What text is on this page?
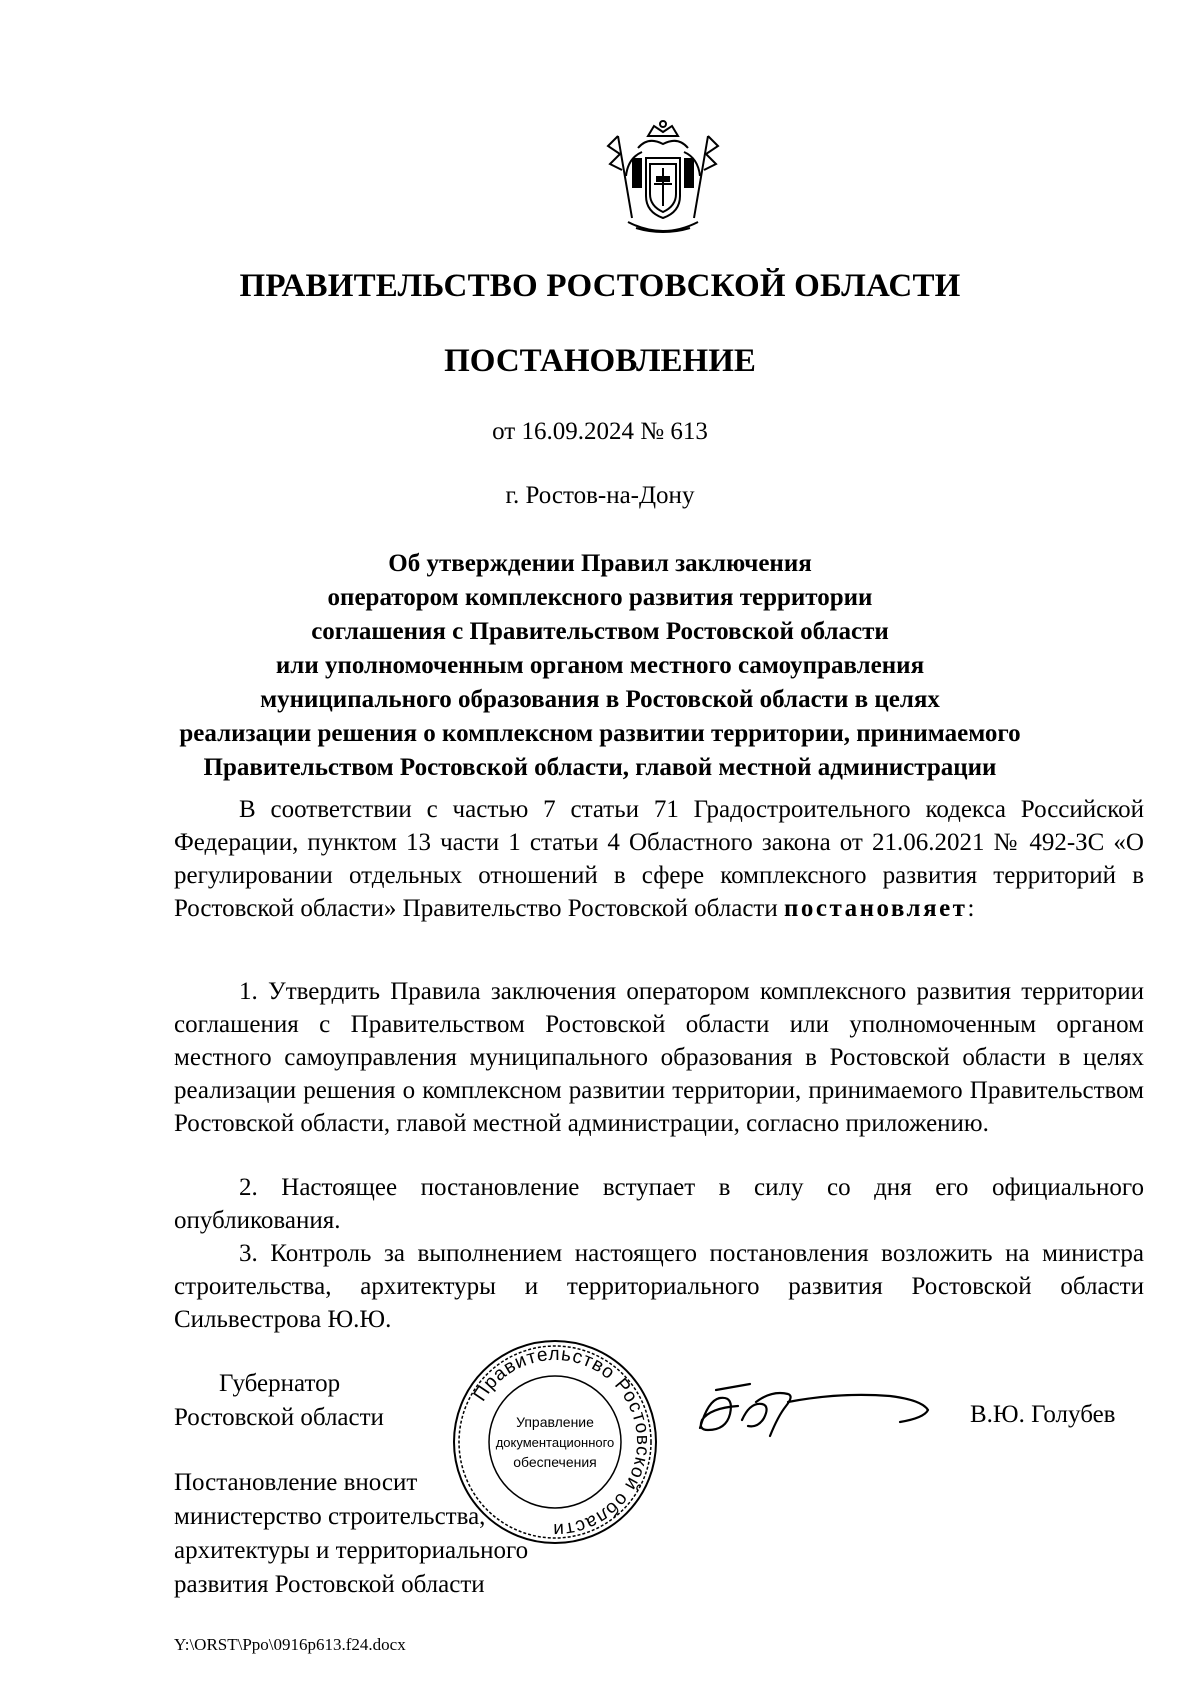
ПРАВИТЕЛЬСТВО РОСТОВСКОЙ ОБЛАСТИ
ПОСТАНОВЛЕНИЕ
от 16.09.2024 № 613
г. Ростов-на-Дону
Об утверждении Правил заключения
оператором комплексного развития территории
соглашения с Правительством Ростовской области
или уполномоченным органом местного самоуправления
муниципального образования в Ростовской области в целях
реализации решения о комплексном развитии территории, принимаемого
Правительством Ростовской области, главой местной администрации
В соответствии с частью 7 статьи 71 Градостроительного кодекса Российской Федерации, пунктом 13 части 1 статьи 4 Областного закона от 21.06.2021 № 492-ЗС «О регулировании отдельных отношений в сфере комплексного развития территорий в Ростовской области» Правительство Ростовской области постановляет:
1. Утвердить Правила заключения оператором комплексного развития территории соглашения с Правительством Ростовской области или уполномоченным органом местного самоуправления муниципального образования в Ростовской области в целях реализации решения о комплексном развитии территории, принимаемого Правительством Ростовской области, главой местной администрации, согласно приложению.
2. Настоящее постановление вступает в силу со дня его официального опубликования.
3. Контроль за выполнением настоящего постановления возложить на министра строительства, архитектуры и территориального развития Ростовской области Сильвестрова Ю.Ю.
Губернатор
Ростовской области
Постановление вносит
министерство строительства,
архитектуры и территориального
развития Ростовской области
Правительство Ростовской области
Управление
документационного
обеспечения
В.Ю. Голубев
Y:\ORST\Ppo\0916p613.f24.docx
